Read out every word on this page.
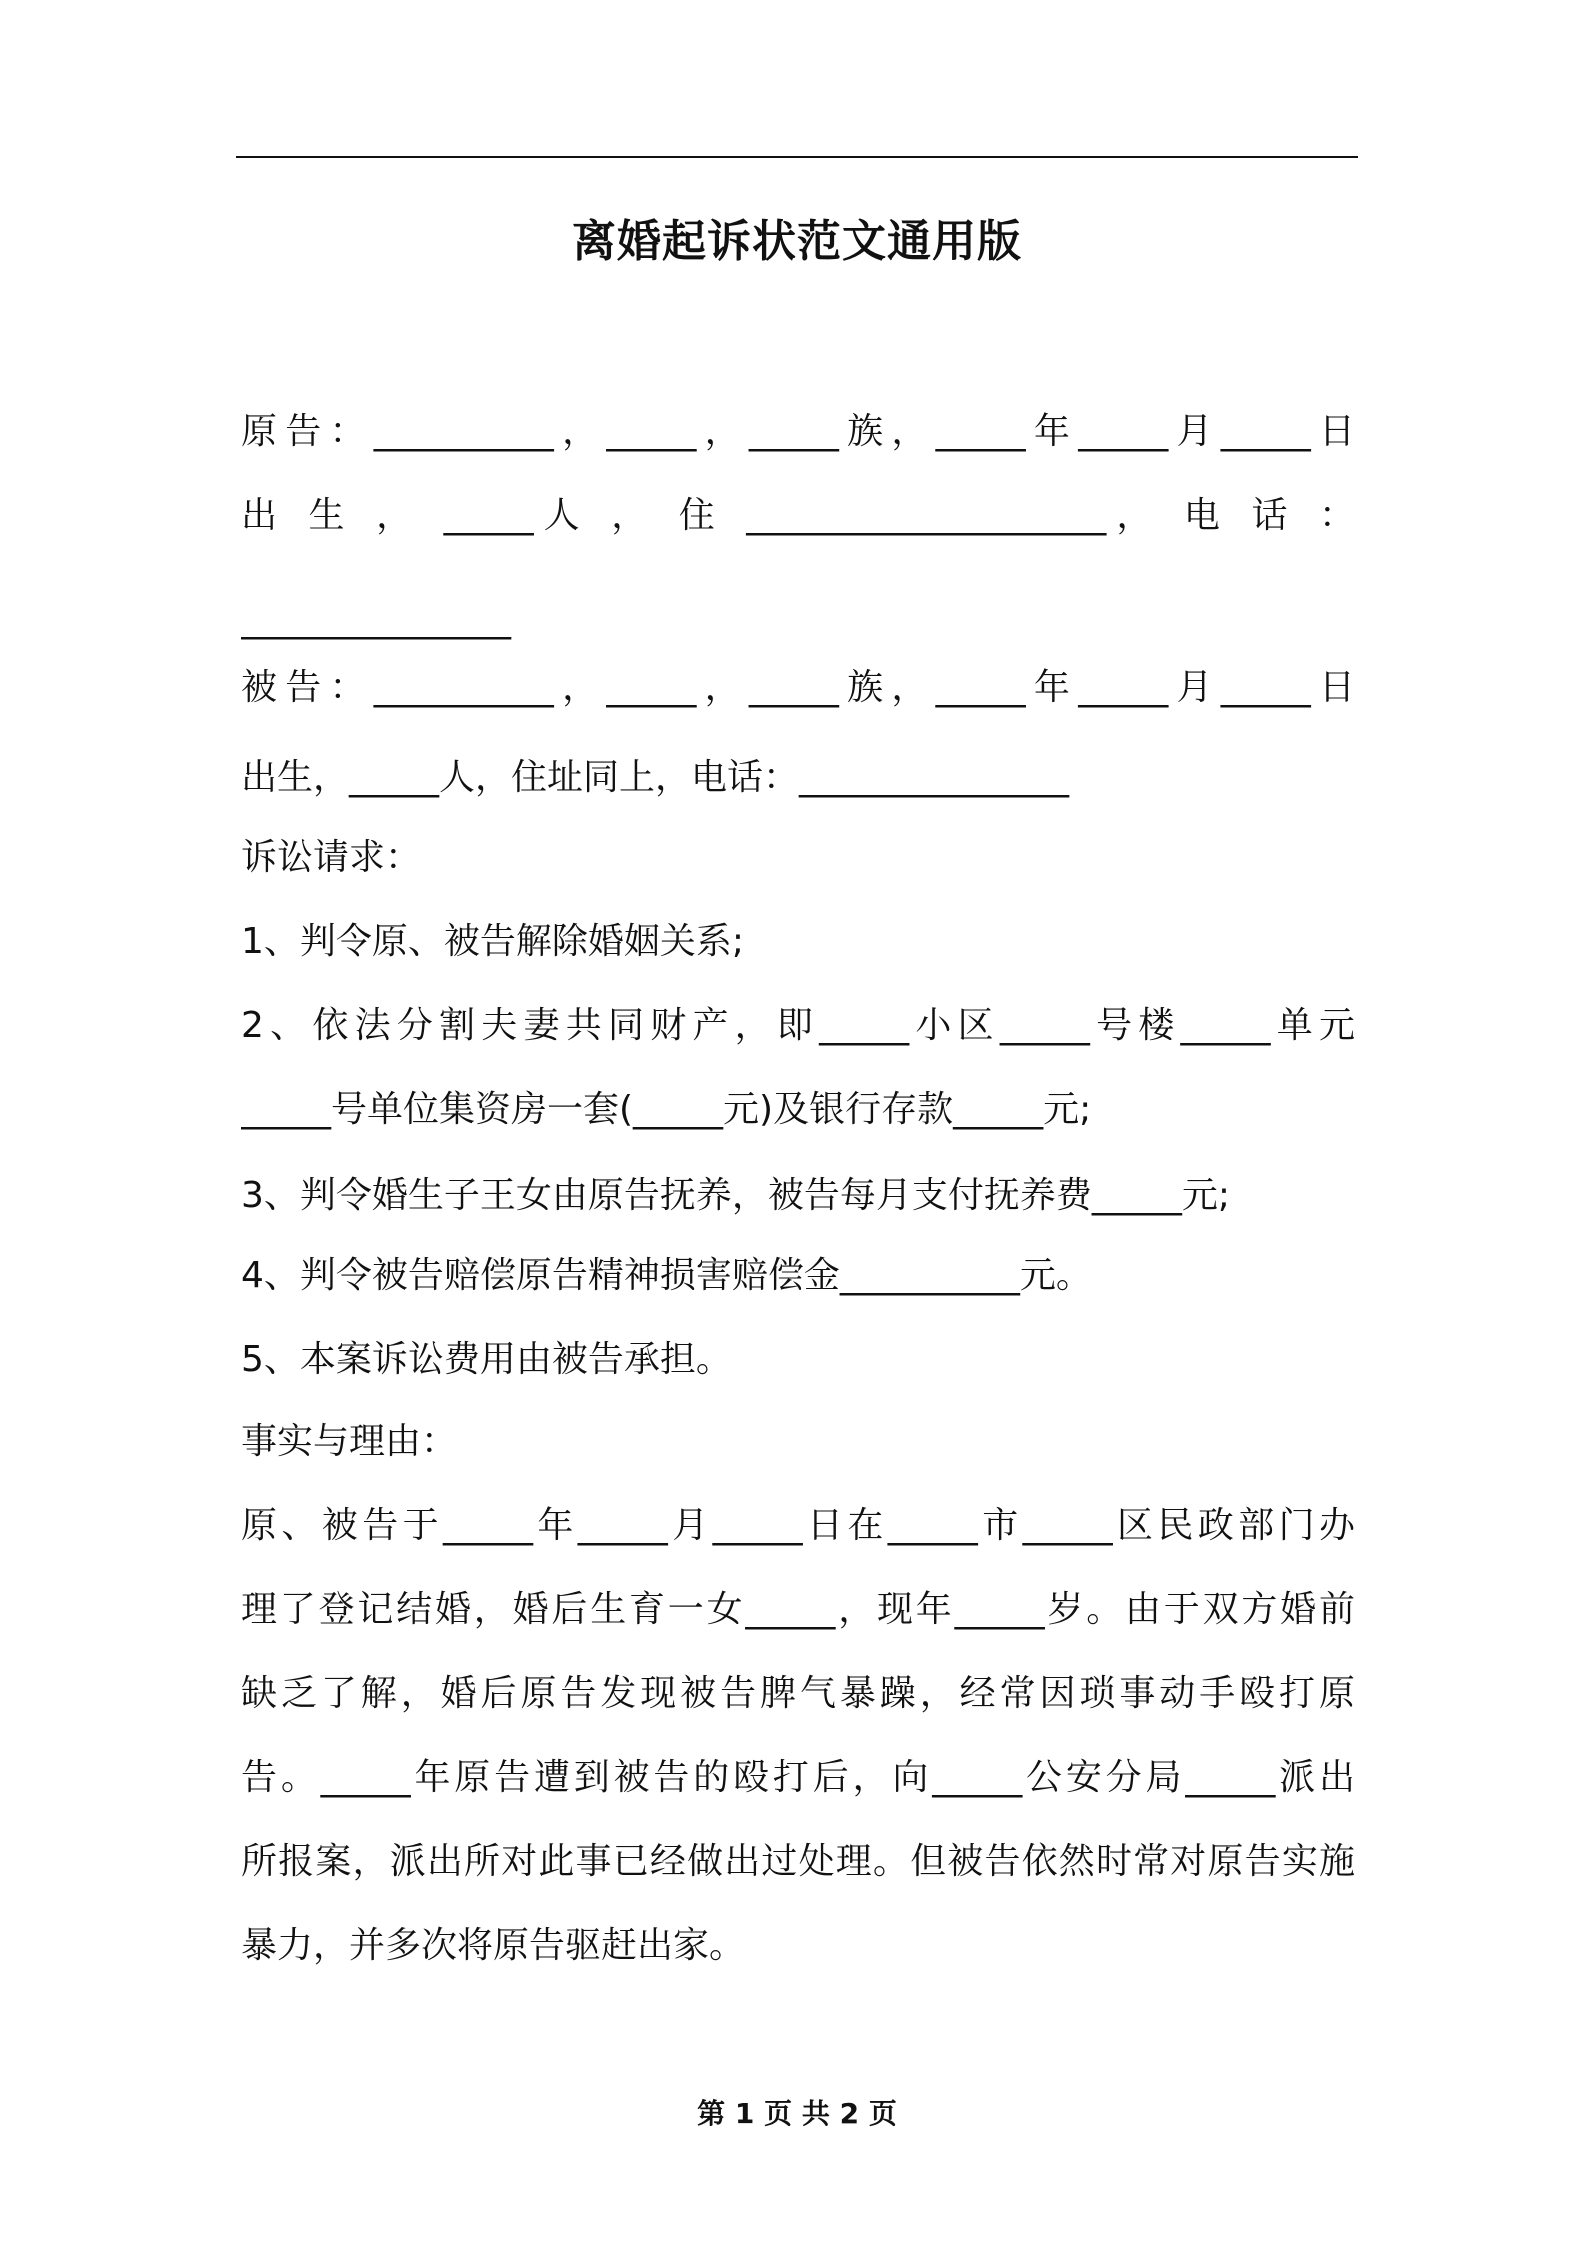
离婚起诉状范文通用版
原告：__________，_____，_____族，_____年_____月_____日
出 生 ， _____人 ， 住 ____________________， 电 话 ：
_______________
被告：__________，_____，_____族，_____年_____月_____日
出生，_____人，住址同上，电话：_______________
诉讼请求：
1、判令原、被告解除婚姻关系;
2、依法分割夫妻共同财产，即_____小区_____号楼_____单元
_____号单位集资房一套(_____元)及银行存款_____元;
3、判令婚生子王女由原告抚养，被告每月支付抚养费_____元;
4、判令被告赔偿原告精神损害赔偿金__________元。
5、本案诉讼费用由被告承担。
事实与理由：
原、被告于_____年_____月_____日在_____市_____区民政部门办
理了登记结婚，婚后生育一女_____，现年_____岁。由于双方婚前
缺乏了解，婚后原告发现被告脾气暴躁，经常因琐事动手殴打原
告。_____年原告遭到被告的殴打后，向_____公安分局_____派出
所报案，派出所对此事已经做出过处理。但被告依然时常对原告实施
暴力，并多次将原告驱赶出家。
第 1 页 共 2 页
